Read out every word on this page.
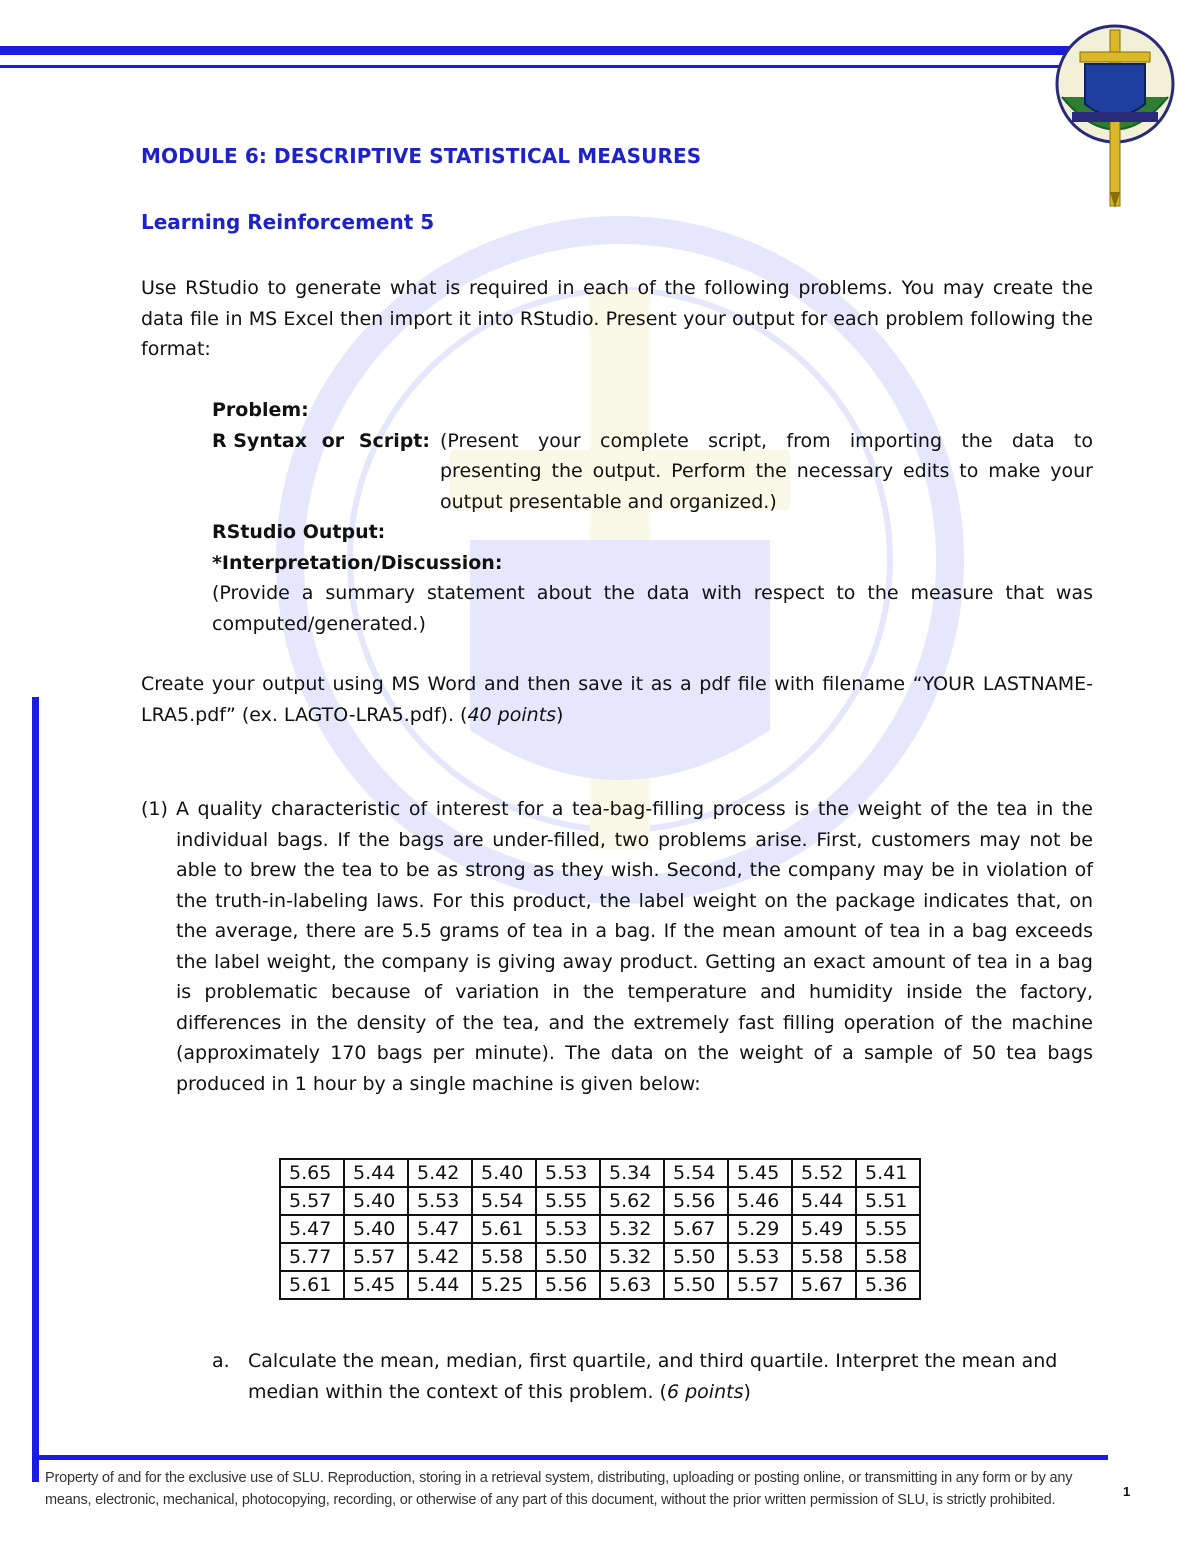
MODULE 6: DESCRIPTIVE STATISTICAL MEASURES
Learning Reinforcement 5
Use RStudio to generate what is required in each of the following problems. You may create the data file in MS Excel then import it into RStudio. Present your output for each problem following the format:
Problem:
R Syntax or Script: (Present your complete script, from importing the data to presenting the output. Perform the necessary edits to make your output presentable and organized.)
RStudio Output:
*Interpretation/Discussion:
(Provide a summary statement about the data with respect to the measure that was computed/generated.)
Create your output using MS Word and then save it as a pdf file with filename “YOUR LASTNAME-LRA5.pdf” (ex. LAGTO-LRA5.pdf). (40 points)
(1) A quality characteristic of interest for a tea-bag-filling process is the weight of the tea in the individual bags. If the bags are under-filled, two problems arise. First, customers may not be able to brew the tea to be as strong as they wish. Second, the company may be in violation of the truth-in-labeling laws. For this product, the label weight on the package indicates that, on the average, there are 5.5 grams of tea in a bag. If the mean amount of tea in a bag exceeds the label weight, the company is giving away product. Getting an exact amount of tea in a bag is problematic because of variation in the temperature and humidity inside the factory, differences in the density of the tea, and the extremely fast filling operation of the machine (approximately 170 bags per minute). The data on the weight of a sample of 50 tea bags produced in 1 hour by a single machine is given below:
5.65	5.44	5.42	5.40	5.53	5.34	5.54	5.45	5.52	5.41
5.57	5.40	5.53	5.54	5.55	5.62	5.56	5.46	5.44	5.51
5.47	5.40	5.47	5.61	5.53	5.32	5.67	5.29	5.49	5.55
5.77	5.57	5.42	5.58	5.50	5.32	5.50	5.53	5.58	5.58
5.61	5.45	5.44	5.25	5.56	5.63	5.50	5.57	5.67	5.36
a. Calculate the mean, median, first quartile, and third quartile. Interpret the mean and median within the context of this problem. (6 points)
Property of and for the exclusive use of SLU. Reproduction, storing in a retrieval system, distributing, uploading or posting online, or transmitting in any form or by any means, electronic, mechanical, photocopying, recording, or otherwise of any part of this document, without the prior written permission of SLU, is strictly prohibited.
1
